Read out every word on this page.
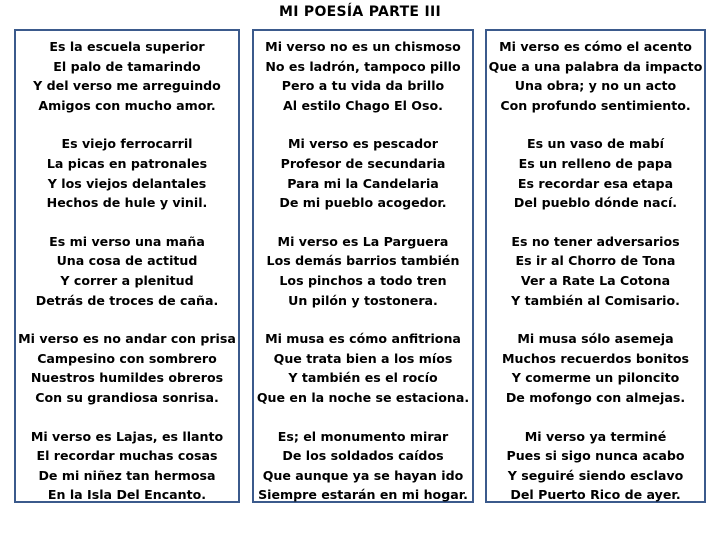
MI POESÍA PARTE III
Es la escuela superior
El palo de tamarindo
Y del verso me arreguindo
Amigos con mucho amor.
Es viejo ferrocarril
La picas en patronales
Y los viejos delantales
Hechos de hule y vinil.
Es mi verso una maña
Una cosa de actitud
Y correr a plenitud
Detrás de troces de caña.
Mi verso es no andar con prisa
Campesino con sombrero
Nuestros humildes obreros
Con su grandiosa sonrisa.
Mi verso es Lajas, es llanto
El recordar muchas cosas
De mi niñez tan hermosa
En la Isla Del Encanto.
Mi verso no es un chismoso
No es ladrón, tampoco pillo
Pero a tu vida da brillo
Al estilo Chago El Oso.
Mi verso es pescador
Profesor de secundaria
Para mi la Candelaria
De mi pueblo acogedor.
Mi verso es La Parguera
Los demás barrios también
Los pinchos a todo tren
Un pilón y tostonera.
Mi musa es cómo anfitriona
Que trata bien a los míos
Y también es el rocío
Que en la noche se estaciona.
Es; el monumento mirar
De los soldados caídos
Que aunque ya se hayan ido
Siempre estarán en mi hogar.
Mi verso es cómo el acento
Que a una palabra da impacto
Una obra; y no un acto
Con profundo sentimiento.
Es un vaso de mabí
Es un relleno de papa
Es recordar esa etapa
Del pueblo dónde nací.
Es no tener adversarios
Es ir al Chorro de Tona
Ver a Rate La Cotona
Y también al Comisario.
Mi musa sólo asemeja
Muchos recuerdos bonitos
Y comerme un piloncito
De mofongo con almejas.
Mi verso ya terminé
Pues si sigo nunca acabo
Y seguiré siendo esclavo
Del Puerto Rico de ayer.
